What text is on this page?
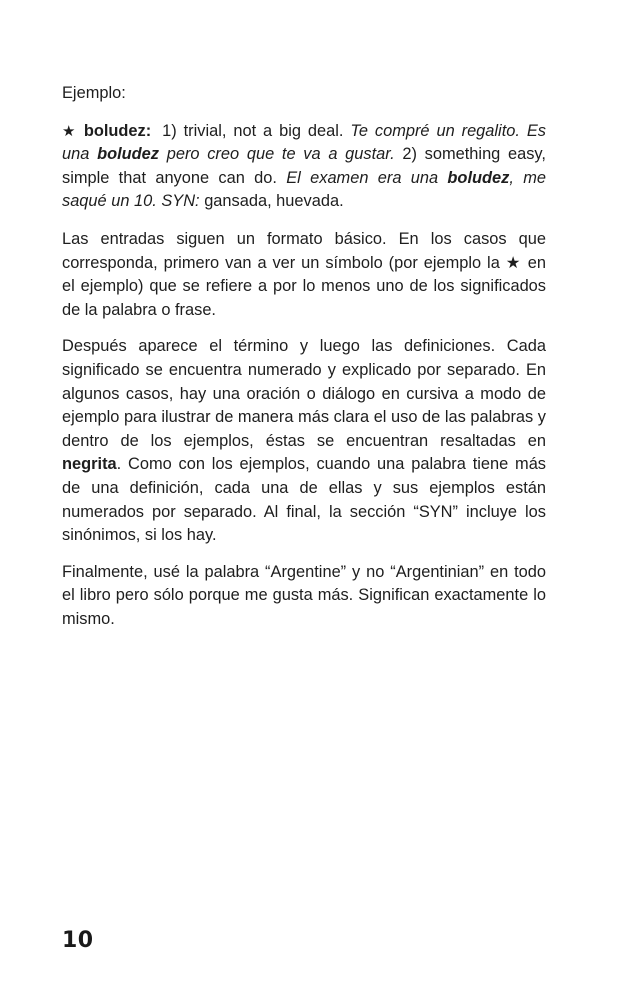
Ejemplo:

★ boludez: 1) trivial, not a big deal. Te compré un regalito. Es una boludez pero creo que te va a gustar. 2) something easy, simple that anyone can do. El examen era una boludez, me saqué un 10. SYN: gansada, huevada.

Las entradas siguen un formato básico. En los casos que corresponda, primero van a ver un símbolo (por ejemplo la ★ en el ejemplo) que se refiere a por lo menos uno de los significados de la palabra o frase.

Después aparece el término y luego las definiciones. Cada significado se encuentra numerado y explicado por separado. En algunos casos, hay una oración o diálogo en cursiva a modo de ejemplo para ilustrar de manera más clara el uso de las palabras y dentro de los ejemplos, éstas se encuentran resaltadas en negrita. Como con los ejemplos, cuando una palabra tiene más de una definición, cada una de ellas y sus ejemplos están numerados por separado. Al final, la sección “SYN” incluye los sinónimos, si los hay.

Finalmente, usé la palabra “Argentine” y no “Argentinian” en todo el libro pero sólo porque me gusta más. Significan exactamente lo mismo.

10
